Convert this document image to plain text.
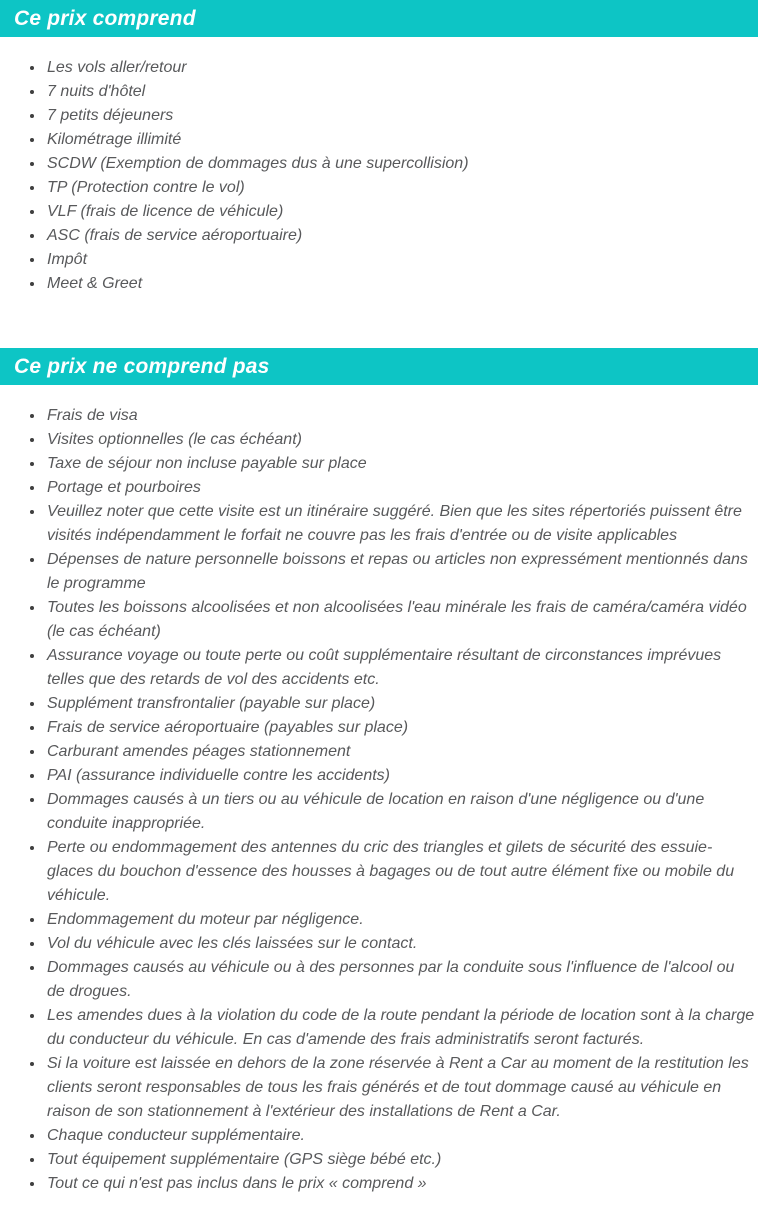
Ce prix comprend
• Les vols aller/retour
• 7 nuits d'hôtel
• 7 petits déjeuners
• Kilométrage illimité
• SCDW (Exemption de dommages dus à une supercollision)
• TP (Protection contre le vol)
• VLF (frais de licence de véhicule)
• ASC (frais de service aéroportuaire)
• Impôt
• Meet & Greet
Ce prix ne comprend pas
• Frais de visa
• Visites optionnelles (le cas échéant)
• Taxe de séjour non incluse payable sur place
• Portage et pourboires
• Veuillez noter que cette visite est un itinéraire suggéré. Bien que les sites répertoriés puissent être visités indépendamment le forfait ne couvre pas les frais d'entrée ou de visite applicables
• Dépenses de nature personnelle boissons et repas ou articles non expressément mentionnés dans le programme
• Toutes les boissons alcoolisées et non alcoolisées l'eau minérale les frais de caméra/caméra vidéo (le cas échéant)
• Assurance voyage ou toute perte ou coût supplémentaire résultant de circonstances imprévues telles que des retards de vol des accidents etc.
• Supplément transfrontalier (payable sur place)
• Frais de service aéroportuaire (payables sur place)
• Carburant amendes péages stationnement
• PAI (assurance individuelle contre les accidents)
• Dommages causés à un tiers ou au véhicule de location en raison d'une négligence ou d'une conduite inappropriée.
• Perte ou endommagement des antennes du cric des triangles et gilets de sécurité des essuie-glaces du bouchon d'essence des housses à bagages ou de tout autre élément fixe ou mobile du véhicule.
• Endommagement du moteur par négligence.
• Vol du véhicule avec les clés laissées sur le contact.
• Dommages causés au véhicule ou à des personnes par la conduite sous l'influence de l'alcool ou de drogues.
• Les amendes dues à la violation du code de la route pendant la période de location sont à la charge du conducteur du véhicule. En cas d'amende des frais administratifs seront facturés.
• Si la voiture est laissée en dehors de la zone réservée à Rent a Car au moment de la restitution les clients seront responsables de tous les frais générés et de tout dommage causé au véhicule en raison de son stationnement à l'extérieur des installations de Rent a Car.
• Chaque conducteur supplémentaire.
• Tout équipement supplémentaire (GPS siège bébé etc.)
• Tout ce qui n'est pas inclus dans le prix « comprend »
